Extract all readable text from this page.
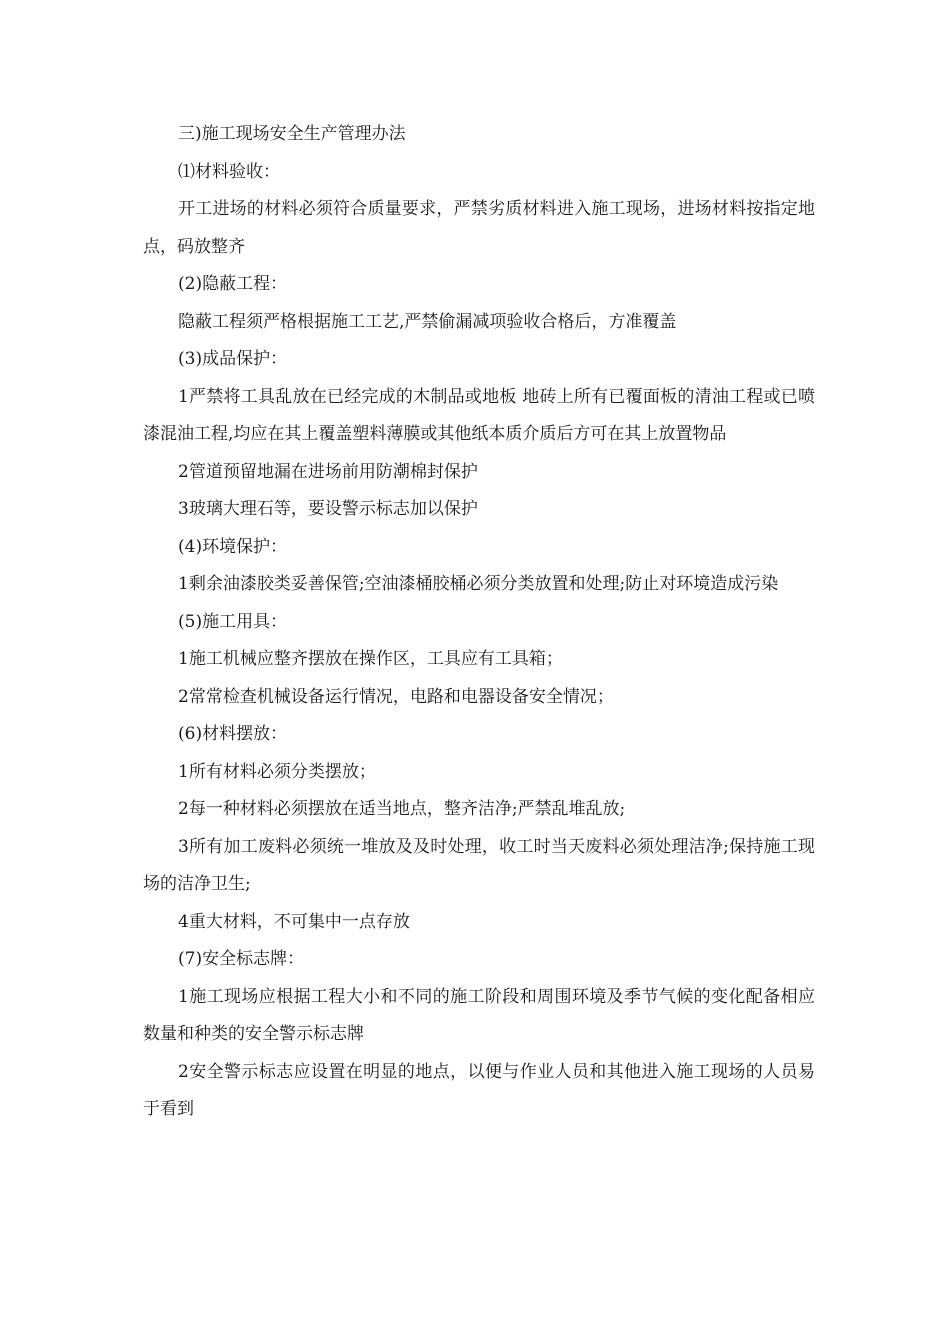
三)施工现场安全生产管理办法

⑴材料验收：

开工进场的材料必须符合质量要求，严禁劣质材料进入施工现场，进场材料按指定地点，码放整齐

(2)隐蔽工程：

隐蔽工程须严格根据施工工艺,严禁偷漏减项验收合格后，方准覆盖

(3)成品保护：

1严禁将工具乱放在已经完成的木制品或地板 地砖上所有已覆面板的清油工程或已喷漆混油工程,均应在其上覆盖塑料薄膜或其他纸本质介质后方可在其上放置物品

2管道预留地漏在进场前用防潮棉封保护

3玻璃大理石等，要设警示标志加以保护

(4)环境保护：

1剩余油漆胶类妥善保管;空油漆桶胶桶必须分类放置和处理;防止对环境造成污染

(5)施工用具：

1施工机械应整齐摆放在操作区，工具应有工具箱；

2常常检查机械设备运行情况，电路和电器设备安全情况；

(6)材料摆放：

1所有材料必须分类摆放；

2每一种材料必须摆放在适当地点，整齐洁净;严禁乱堆乱放;

3所有加工废料必须统一堆放及及时处理，收工时当天废料必须处理洁净;保持施工现场的洁净卫生;

4重大材料，不可集中一点存放

(7)安全标志牌：

1施工现场应根据工程大小和不同的施工阶段和周围环境及季节气候的变化配备相应数量和种类的安全警示标志牌

2安全警示标志应设置在明显的地点，以便与作业人员和其他进入施工现场的人员易于看到
